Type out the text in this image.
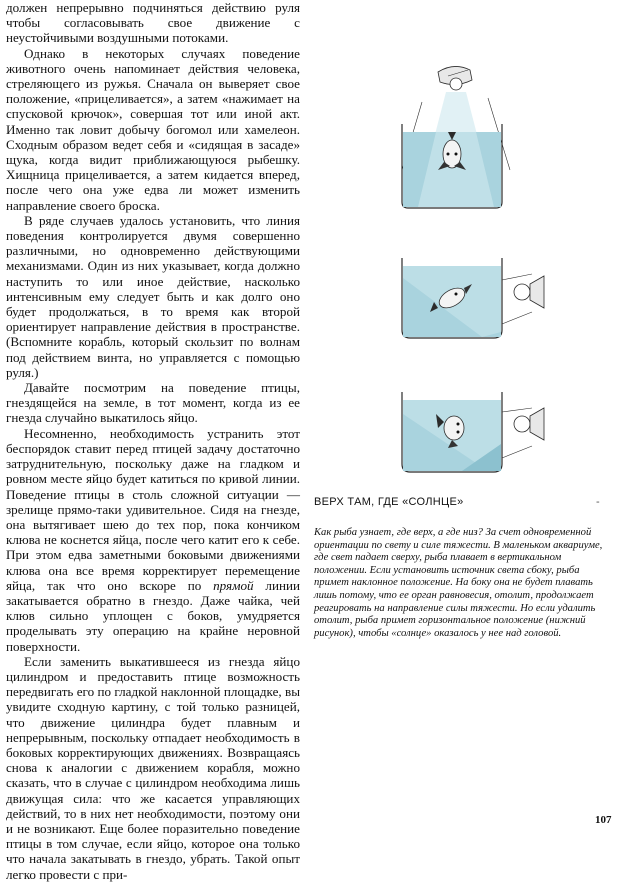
должен непрерывно подчиняться действию руля чтобы согласовывать свое движение с неустойчивыми воздушными потоками.

Однако в некоторых случаях поведение животного очень напоминает действия человека, стреляющего из ружья. Сначала он выверяет свое положение, «прицеливается», а затем «нажимает на спусковой крючок», совершая тот или иной акт. Именно так ловит добычу богомол или хамелеон. Сходным образом ведет себя и «сидящая в засаде» щука, когда видит приближающуюся рыбешку. Хищница прицеливается, а затем кидается вперед, после чего она уже едва ли может изменить направление своего броска.

В ряде случаев удалось установить, что линия поведения контролируется двумя совершенно различными, но одновременно действующими механизмами. Один из них указывает, когда должно наступить то или иное действие, насколько интенсивным ему следует быть и как долго оно будет продолжаться, в то время как второй ориентирует направление действия в пространстве. (Вспомните корабль, который скользит по волнам под действием винта, но управляется с помощью руля.)

Давайте посмотрим на поведение птицы, гнездящейся на земле, в тот момент, когда из ее гнезда случайно выкатилось яйцо.

Несомненно, необходимость устранить этот беспорядок ставит перед птицей задачу достаточно затруднительную, поскольку даже на гладком и ровном месте яйцо будет катиться по кривой линии. Поведение птицы в столь сложной ситуации — зрелище прямо-таки удивительное. Сидя на гнезде, она вытягивает шею до тех пор, пока кончиком клюва не коснется яйца, после чего катит его к себе. При этом едва заметными боковыми движениями клюва она все время корректирует перемещение яйца, так что оно вскоре по прямой линии закатывается обратно в гнездо. Даже чайка, чей клюв сильно уплощен с боков, умудряется проделывать эту операцию на крайне неровной поверхности.

Если заменить выкатившееся из гнезда яйцо цилиндром и предоставить птице возможность передвигать его по гладкой наклонной площадке, вы увидите сходную картину, с той только разницей, что движение цилиндра будет плавным и непрерывным, поскольку отпадает необходимость в боковых корректирующих движениях. Возвращаясь снова к аналогии с движением корабля, можно сказать, что в случае с цилиндром необходима лишь движущая сила: что же касается управляющих действий, то в них нет необходимости, поэтому они и не возникают. Еще более поразительно поведение птицы в том случае, если яйцо, которое она только что начала закатывать в гнездо, убрать. Такой опыт легко провести с при-

ВЕРХ ТАМ, ГДЕ «СОЛНЦЕ»	-
Как рыба узнает, где верх, а где низ? За счет одновременной ориентации по свету и силе тяжести. В маленьком аквариуме, где свет падает сверху, рыба плавает в вертикальном положении. Если установить источник света сбоку, рыба примет наклонное положение. На боку она не будет плавать лишь потому, что ее орган равновесия, отолит, продолжает реагировать на направление силы тяжести. Но если удалить отолит, рыба примет горизонтальное положение (нижний рисунок), чтобы «солнце» оказалось у нее над головой.
107
